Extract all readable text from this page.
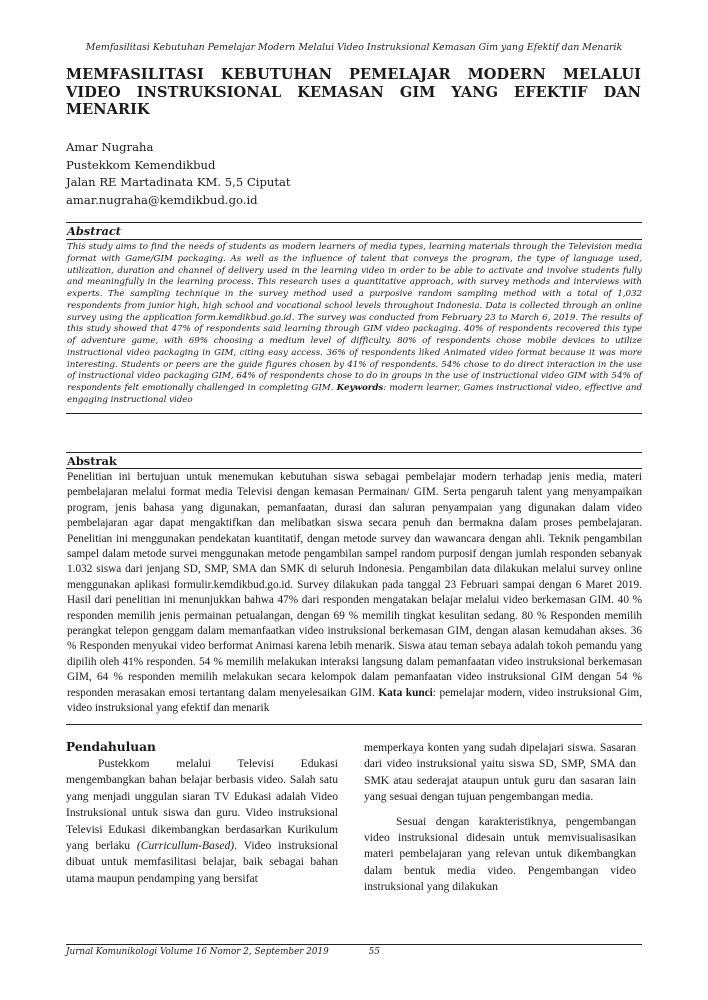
Memfasilitasi Kebutuhan Pemelajar Modern Melalui Video Instruksional Kemasan Gim yang Efektif dan Menarik
MEMFASILITASI KEBUTUHAN PEMELAJAR MODERN MELALUI VIDEO INSTRUKSIONAL KEMASAN GIM YANG EFEKTIF DAN MENARIK
Amar Nugraha
Pustekkom Kemendikbud
Jalan RE Martadinata KM. 5,5 Ciputat
amar.nugraha@kemdikbud.go.id
Abstract
This study aims to find the needs of students as modern learners of media types, learning materials through the Television media format with Game/GIM packaging. As well as the influence of talent that conveys the program, the type of language used, utilization, duration and channel of delivery used in the learning video in order to be able to activate and involve students fully and meaningfully in the learning process. This research uses a quantitative approach, with survey methods and interviews with experts. The sampling technique in the survey method used a purposive random sampling method with a total of 1,032 respondents from junior high, high school and vocational school levels throughout Indonesia. Data is collected through an online survey using the application form.kemdikbud.go.id. The survey was conducted from February 23 to March 6, 2019. The results of this study showed that 47% of respondents said learning through GIM video packaging. 40% of respondents recovered this type of adventure game, with 69% choosing a medium level of difficulty. 80% of respondents chose mobile devices to utilize instructional video packaging in GIM, citing easy access. 36% of respondents liked Animated video format because it was more interesting. Students or peers are the guide figures chosen by 41% of respondents. 54% chose to do direct interaction in the use of instructional video packaging GIM, 64% of respondents chose to do in groups in the use of instructional video GIM with 54% of respondents felt emotionally challenged in completing GIM. Keywords: modern learner, Games instructional video, effective and engaging instructional video
Abstrak
Penelitian ini bertujuan untuk menemukan kebutuhan siswa sebagai pembelajar modern terhadap jenis media, materi pembelajaran melalui format media Televisi dengan kemasan Permainan/ GIM. Serta pengaruh talent yang menyampaikan program, jenis bahasa yang digunakan, pemanfaatan, durasi dan saluran penyampaian yang digunakan dalam video pembelajaran agar dapat mengaktifkan dan melibatkan siswa secara penuh dan bermakna dalam proses pembelajaran. Penelitian ini menggunakan pendekatan kuantitatif, dengan metode survey dan wawancara dengan ahli. Teknik pengambilan sampel dalam metode survei menggunakan metode pengambilan sampel random purposif dengan jumlah responden sebanyak 1.032 siswa dari jenjang SD, SMP, SMA dan SMK di seluruh Indonesia. Pengambilan data dilakukan melalui survey online menggunakan aplikasi formulir.kemdikbud.go.id. Survey dilakukan pada tanggal 23 Februari sampai dengan 6 Maret 2019. Hasil dari penelitian ini menunjukkan bahwa 47% dari responden mengatakan belajar melalui video berkemasan GIM. 40 % responden memilih jenis permainan petualangan, dengan 69 % memilih tingkat kesulitan sedang. 80 % Responden memilih perangkat telepon genggam dalam memanfaatkan video instruksional berkemasan GIM, dengan alasan kemudahan akses. 36 % Responden menyukai video berformat Animasi karena lebih menarik. Siswa atau teman sebaya adalah tokoh pemandu yang dipilih oleh 41% responden. 54 % memilih melakukan interaksi langsung dalam pemanfaatan video instruksional berkemasan GIM, 64 % responden memilih melakukan secara kelompok dalam pemanfaatan video instruksional GIM dengan 54 % responden merasakan emosi tertantang dalam menyelesaikan GIM. Kata kunci: pemelajar modern, video instruksional Gim, video instruksional yang efektif dan menarik
Pendahuluan

Pustekkom melalui Televisi Edukasi mengembangkan bahan belajar berbasis video. Salah satu yang menjadi unggulan siaran TV Edukasi adalah Video Instruksional untuk siswa dan guru. Video instruksional Televisi Edukasi dikembangkan berdasarkan Kurikulum yang berlaku (Curricullum-Based). Video instruksional dibuat untuk memfasilitasi belajar, baik sebagai bahan utama maupun pendamping yang bersifat

memperkaya konten yang sudah dipelajari siswa. Sasaran dari video instruksional yaitu siswa SD, SMP, SMA dan SMK atau sederajat ataupun untuk guru dan sasaran lain yang sesuai dengan tujuan pengembangan media.

Sesuai dengan karakteristiknya, pengembangan video instruksional didesain untuk memvisualisasikan materi pembelajaran yang relevan untuk dikembangkan dalam bentuk media video. Pengembangan video instruksional yang dilakukan

Jurnal Komunikologi Volume 16 Nomor 2, September 2019	55
